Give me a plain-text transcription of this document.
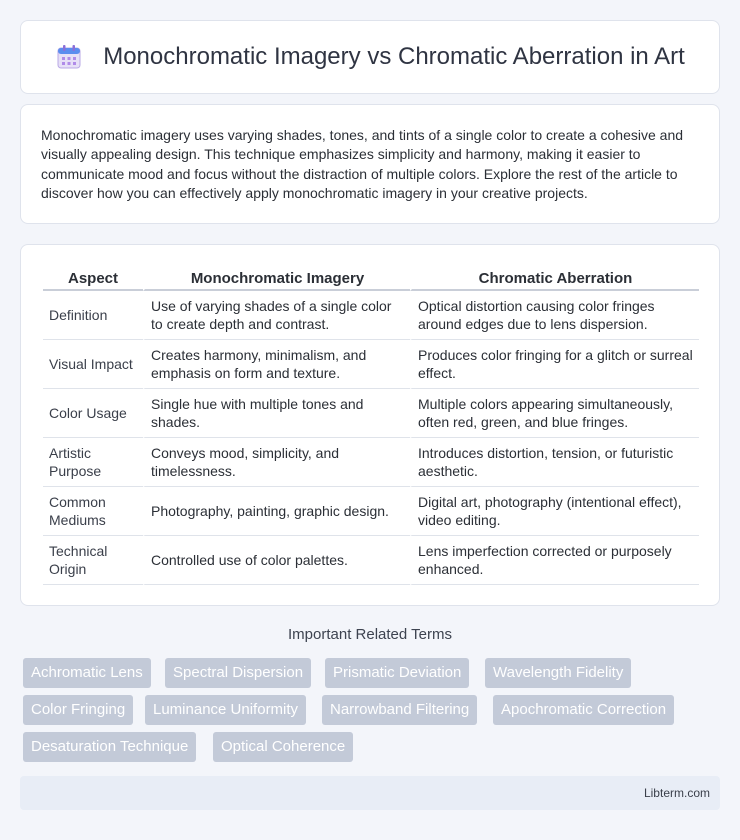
Monochromatic Imagery vs Chromatic Aberration in Art

Monochromatic imagery uses varying shades, tones, and tints of a single color to create a cohesive and visually appealing design. This technique emphasizes simplicity and harmony, making it easier to communicate mood and focus without the distraction of multiple colors. Explore the rest of the article to discover how you can effectively apply monochromatic imagery in your creative projects.

Aspect	Monochromatic Imagery	Chromatic Aberration
Definition	Use of varying shades of a single color to create depth and contrast.	Optical distortion causing color fringes around edges due to lens dispersion.
Visual Impact	Creates harmony, minimalism, and emphasis on form and texture.	Produces color fringing for a glitch or surreal effect.
Color Usage	Single hue with multiple tones and shades.	Multiple colors appearing simultaneously, often red, green, and blue fringes.
Artistic Purpose	Conveys mood, simplicity, and timelessness.	Introduces distortion, tension, or futuristic aesthetic.
Common Mediums	Photography, painting, graphic design.	Digital art, photography (intentional effect), video editing.
Technical Origin	Controlled use of color palettes.	Lens imperfection corrected or purposely enhanced.
Important Related Terms
Achromatic Lens	Spectral Dispersion	Prismatic Deviation	Wavelength Fidelity
Color Fringing	Luminance Uniformity	Narrowband Filtering	Apochromatic Correction
Desaturation Technique	Optical Coherence
Libterm.com
